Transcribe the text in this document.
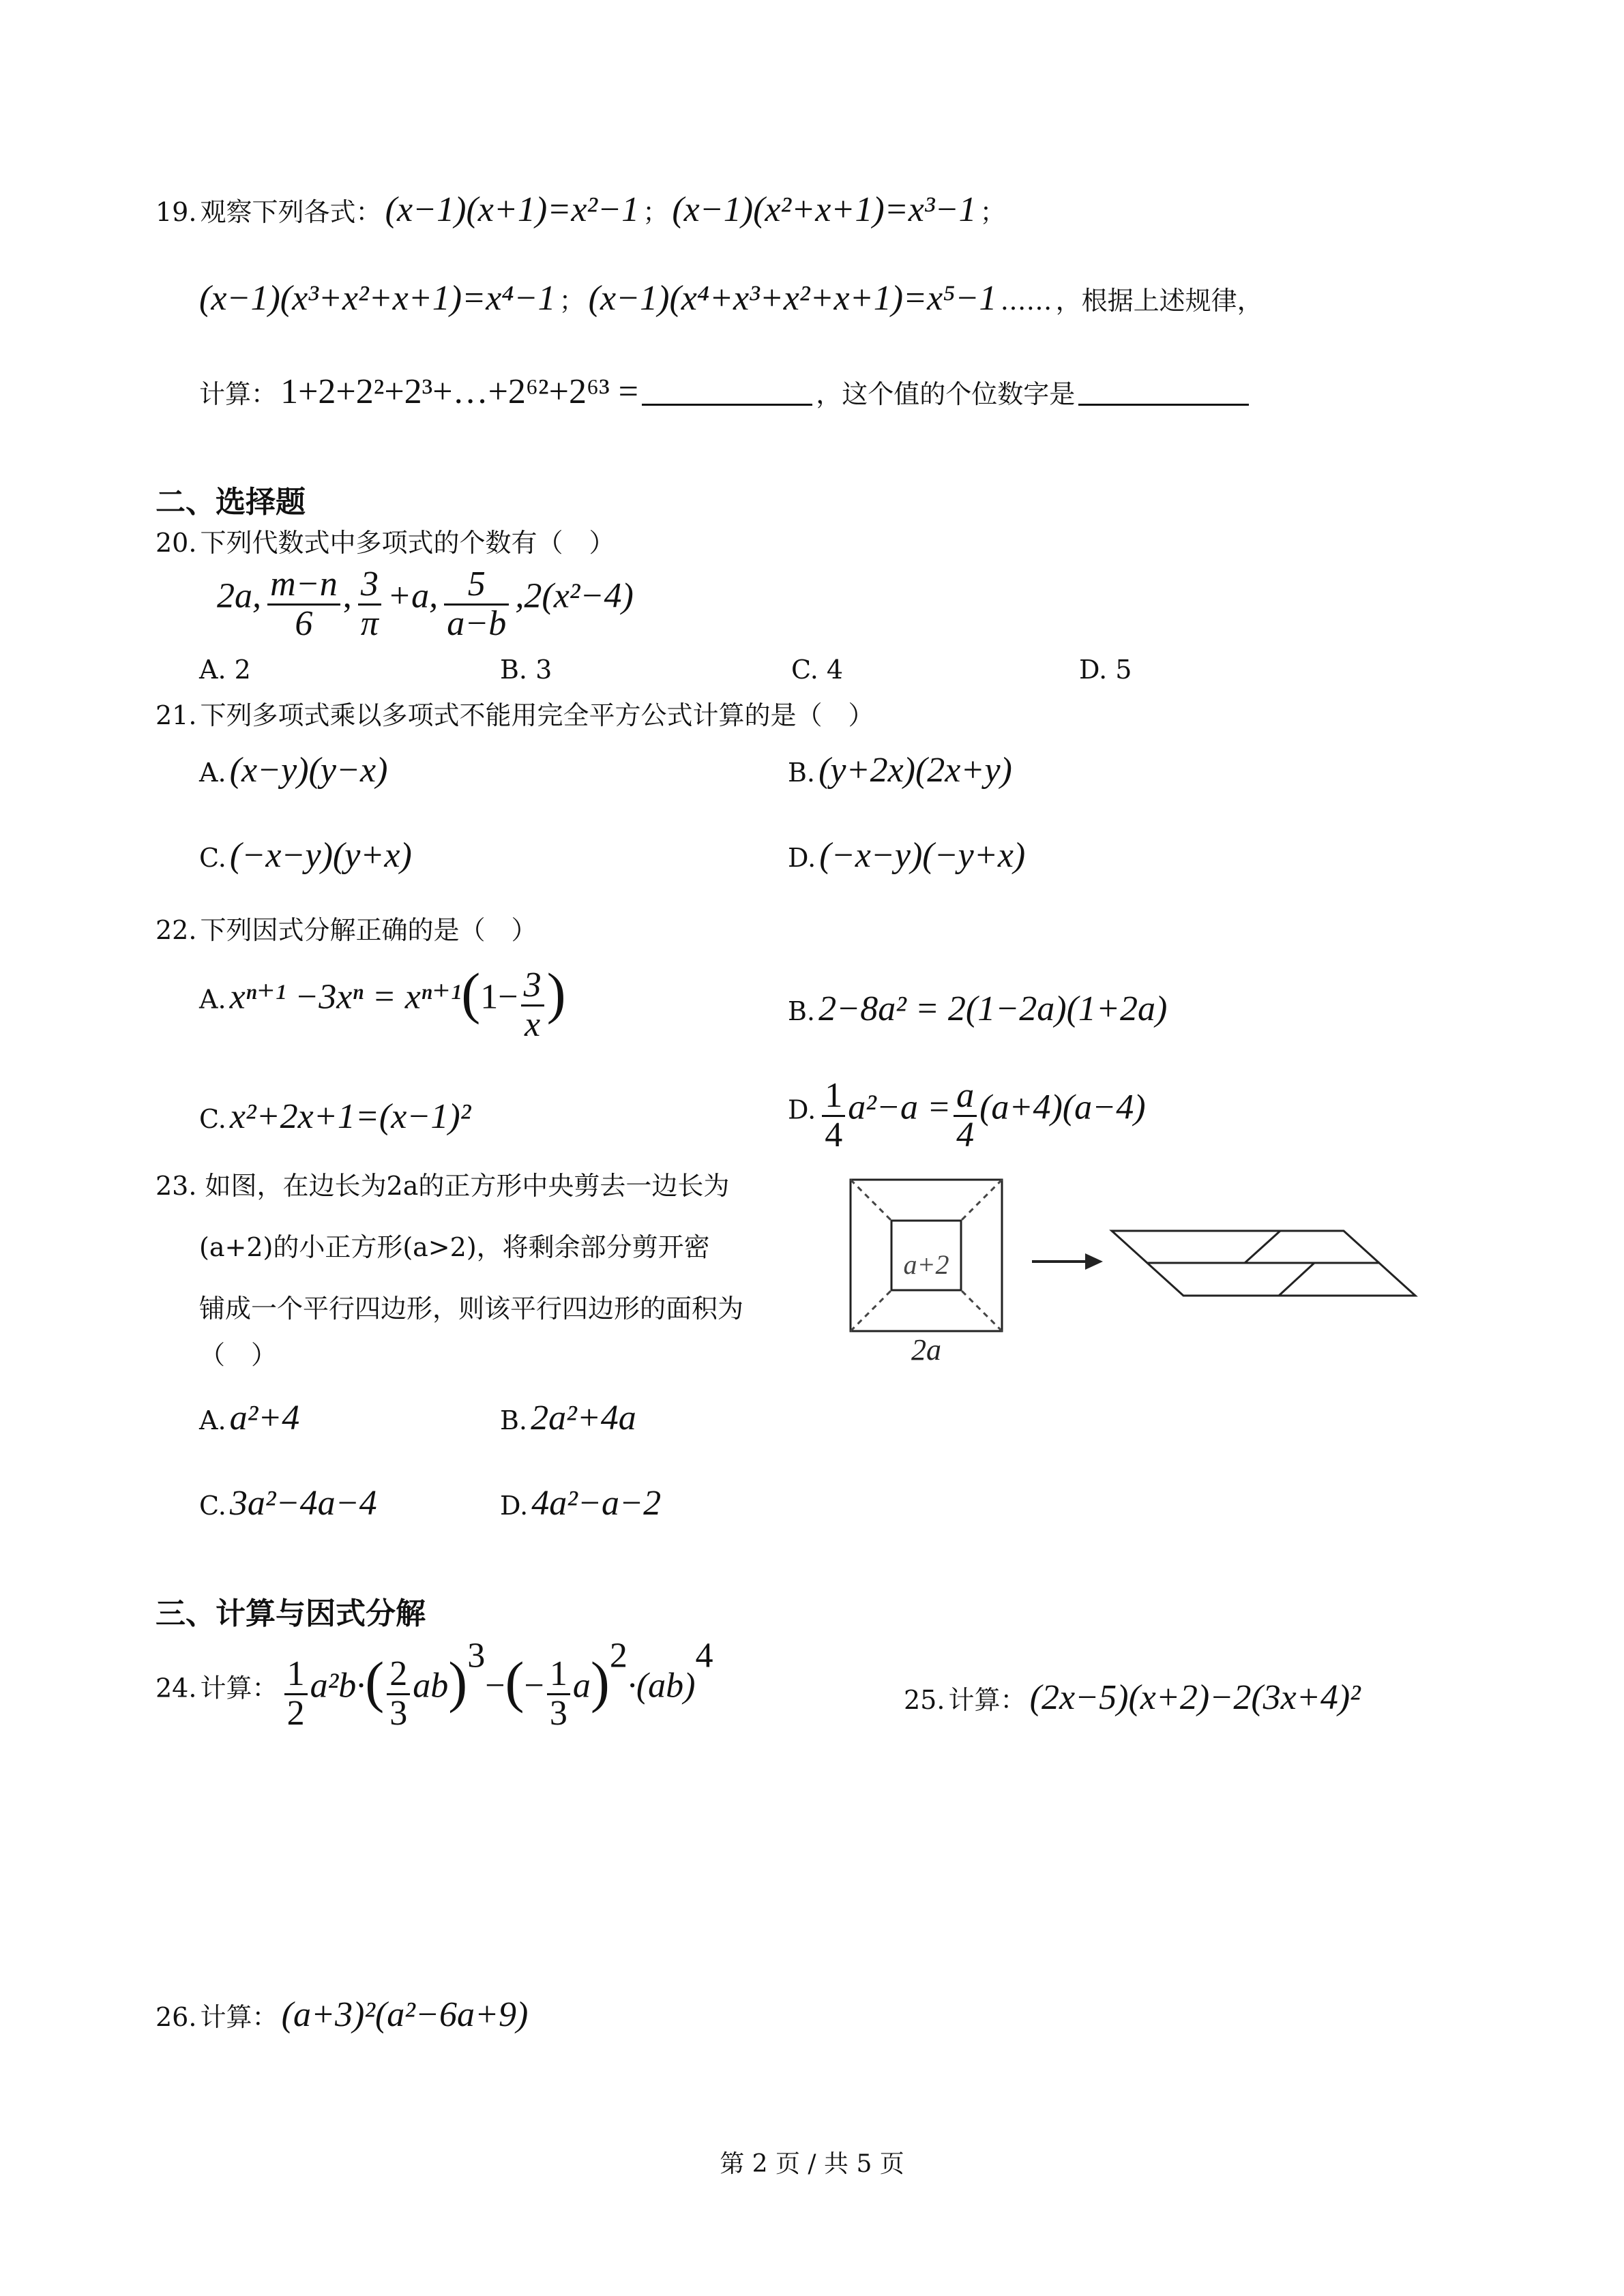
19. 观察下列各式： (x−1)(x+1)=x²−1 ； (x−1)(x²+x+1)=x³−1 ；
(x−1)(x³+x²+x+1)=x⁴−1 ； (x−1)(x⁴+x³+x²+x+1)=x⁵−1 …… ，根据上述规律，
计算： 1+2+2²+2³+…+2⁶²+2⁶³ =	，这个值的个位数字是
二、选择题
20. 下列代数式中多项式的个数有（　）
2a, $\frac{m-n}{6}$ , $\frac{3}{\pi} +a$, $\frac{5}{a-b} ,2(x^2-4)$
A. 2	B. 3	C. 4	D. 5
21. 下列多项式乘以多项式不能用完全平方公式计算的是（　）
A. (x−y)(y−x)	B. (y+2x)(2x+y)
C. (−x−y)(y+x)	D. (−x−y)(−y+x)
22. 下列因式分解正确的是（　）
A. $x^{n+1} -3x^n = x^{n+1}(1- \frac{3}{x}$ )	B. 2−8a² = 2(1−2a)(1+2a)
C. x²+2x+1=(x−1)²	D. $\frac{1}{4} a^2-a = \frac{a}{4} (a+4)(a-4)$
23. 如图，在边长为2a的正方形中央剪去一边长为
(a+2)的小正方形(a>2)，将剩余部分剪开密
铺成一个平行四边形，则该平行四边形的面积为
（　）
a+2
2a
A. a²+4	B. 2a²+4a
C. 3a²−4a−4	D. 4a²−a−2
三、计算与因式分解
24. 计算： $\frac{1}{2} a^2b\cdot( \frac{2}{3} ab)^3-(- \frac{1}{3} a)^2\cdot(ab)^4$
25. 计算： (2x−5)(x+2)−2(3x+4)²
26. 计算： (a+3)²(a²−6a+9)
第 2 页 / 共 5 页
